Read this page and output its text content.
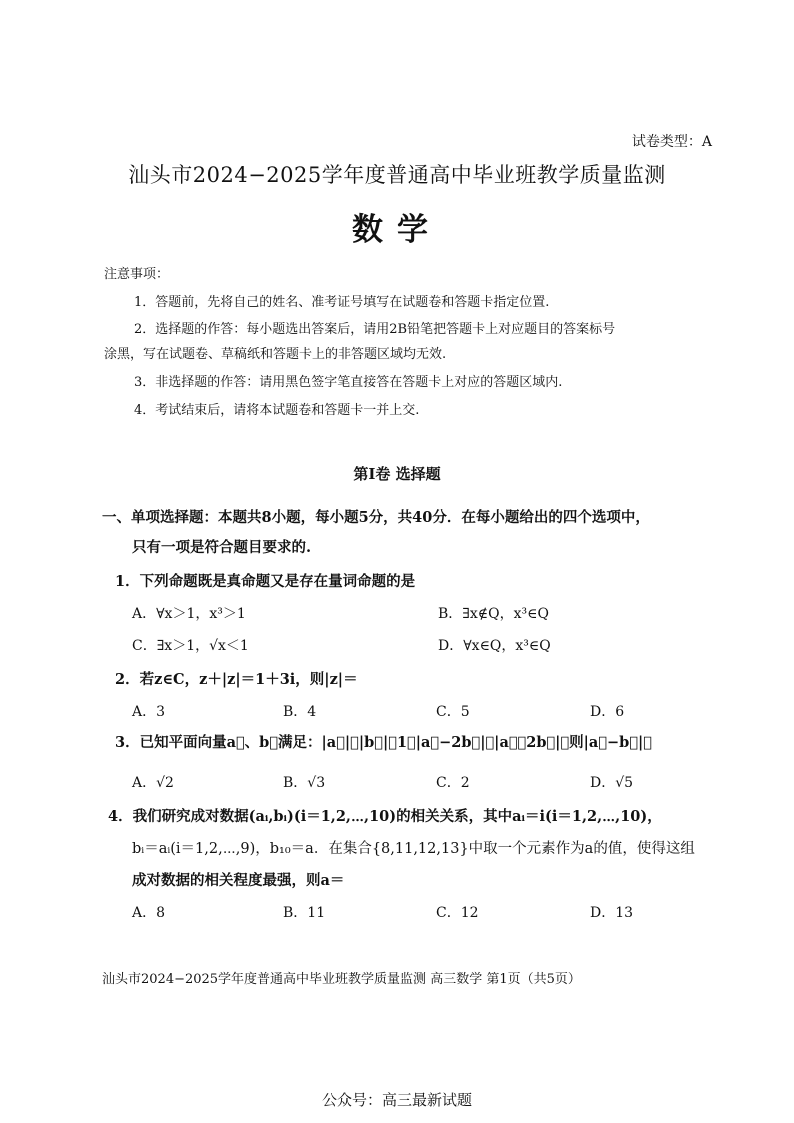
试卷类型：A
汕头市2024−2025学年度普通高中毕业班教学质量监测
数学
注意事项：
1．答题前，先将自己的姓名、准考证号填写在试题卷和答题卡指定位置.
2．选择题的作答：每小题选出答案后，请用2B铅笔把答题卡上对应题目的答案标号
涂黑，写在试题卷、草稿纸和答题卡上的非答题区域均无效.
3．非选择题的作答：请用黑色签字笔直接答在答题卡上对应的答题区域内.
4．考试结束后，请将本试题卷和答题卡一并上交.
第Ⅰ卷 选择题
一、单项选择题：本题共8小题，每小题5分，共40分．在每小题给出的四个选项中，
只有一项是符合题目要求的.
1．下列命题既是真命题又是存在量词命题的是
A．∀x＞1，x³＞1	B．∃x∉Q，x³∈Q
C．∃x＞1，√x＜1	D．∀x∈Q，x³∈Q
2．若z∈C，z＋|z|＝1＋3i，则|z|＝
A．3	B．4	C．5	D．6
3．已知平面向量a⃗、b⃗满足：|a⃗|＝|b⃗|＝1，|a⃗−2b⃗|＝|a⃗＋2b⃗|，则|a⃗−b⃗|＝
A．√2	B．√3	C．2	D．√5
4．我们研究成对数据(aᵢ,bᵢ)(i＝1,2,⋯,10)的相关关系，其中aᵢ＝i(i＝1,2,⋯,10)，
bᵢ＝aᵢ(i＝1,2,⋯,9)，b₁₀＝a．在集合{8,11,12,13}中取一个元素作为a的值，使得这组
成对数据的相关程度最强，则a＝
A．8	B．11	C．12	D．13
汕头市2024−2025学年度普通高中毕业班教学质量监测 高三数学 第1页（共5页）
公众号：高三最新试题
